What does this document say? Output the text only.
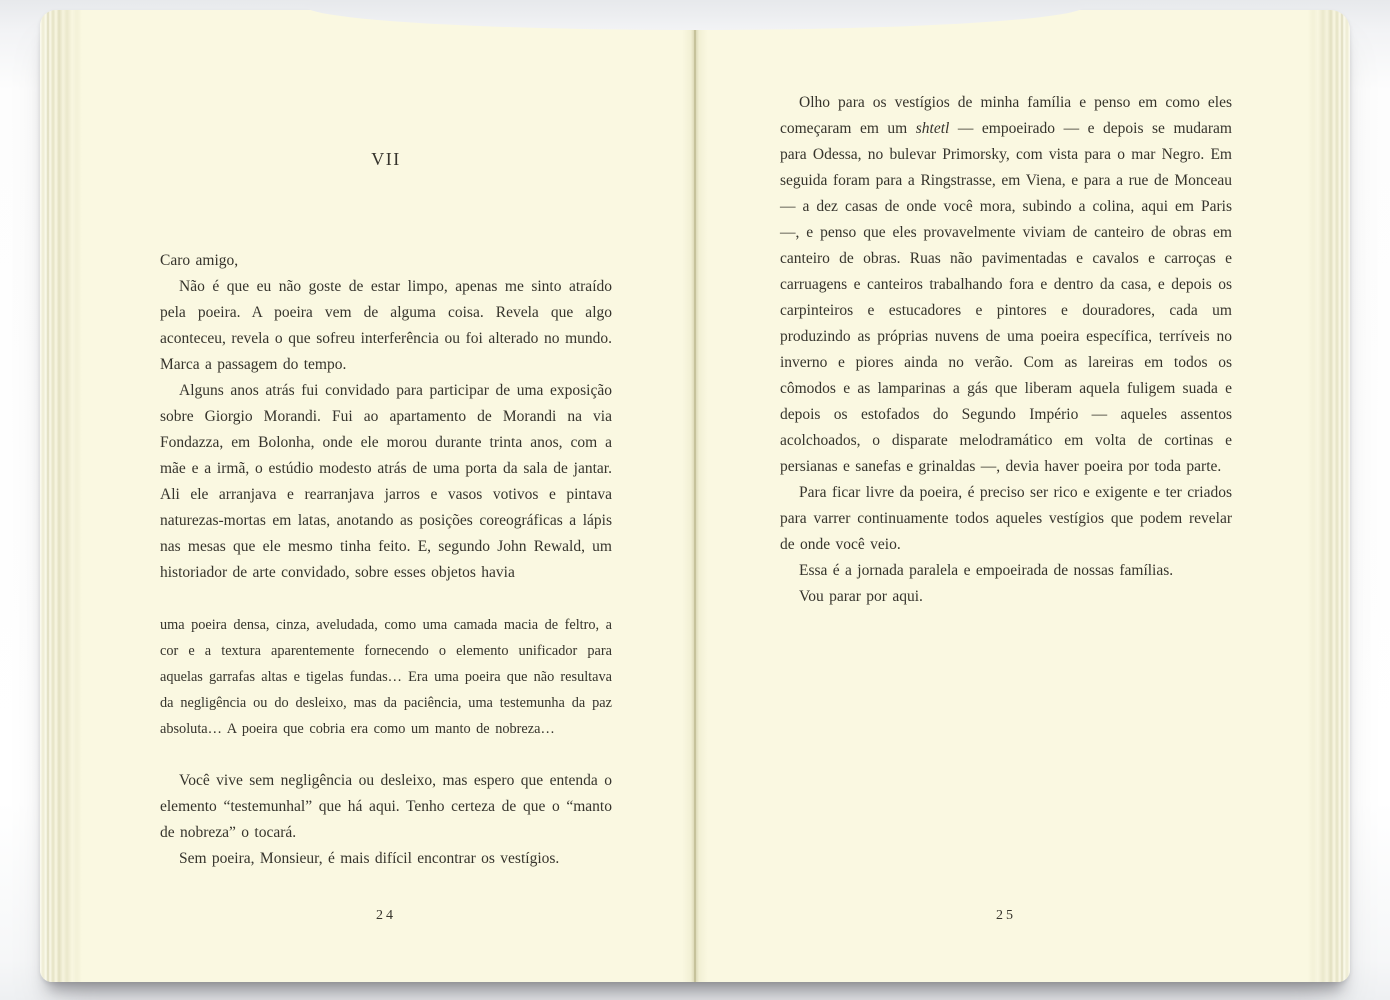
VII

Caro amigo,

Não é que eu não goste de estar limpo, apenas me sinto atraído pela poeira. A poeira vem de alguma coisa. Revela que algo aconteceu, revela o que sofreu interferência ou foi alterado no mundo. Marca a passagem do tempo.

Alguns anos atrás fui convidado para participar de uma exposição sobre Giorgio Morandi. Fui ao apartamento de Morandi na via Fondazza, em Bolonha, onde ele morou durante trinta anos, com a mãe e a irmã, o estúdio modesto atrás de uma porta da sala de jantar. Ali ele arranjava e rearranjava jarros e vasos votivos e pintava naturezas-mortas em latas, anotando as posições coreográficas a lápis nas mesas que ele mesmo tinha feito. E, segundo John Rewald, um historiador de arte convidado, sobre esses objetos havia

uma poeira densa, cinza, aveludada, como uma camada macia de feltro, a cor e a textura aparentemente fornecendo o elemento unificador para aquelas garrafas altas e tigelas fundas… Era uma poeira que não resultava da negligência ou do desleixo, mas da paciência, uma testemunha da paz absoluta… A poeira que cobria era como um manto de nobreza…

Você vive sem negligência ou desleixo, mas espero que entenda o elemento “testemunhal” que há aqui. Tenho certeza de que o “manto de nobreza” o tocará.

Sem poeira, Monsieur, é mais difícil encontrar os vestígios.

Olho para os vestígios de minha família e penso em como eles começaram em um shtetl — empoeirado — e depois se mudaram para Odessa, no bulevar Primorsky, com vista para o mar Negro. Em seguida foram para a Ringstrasse, em Viena, e para a rue de Monceau — a dez casas de onde você mora, subindo a colina, aqui em Paris —, e penso que eles provavelmente viviam de canteiro de obras em canteiro de obras. Ruas não pavimentadas e cavalos e carroças e carruagens e canteiros trabalhando fora e dentro da casa, e depois os carpinteiros e estucadores e pintores e douradores, cada um produzindo as próprias nuvens de uma poeira específica, terríveis no inverno e piores ainda no verão. Com as lareiras em todos os cômodos e as lamparinas a gás que liberam aquela fuligem suada e depois os estofados do Segundo Império — aqueles assentos acolchoados, o disparate melodramático em volta de cortinas e persianas e sanefas e grinaldas —, devia haver poeira por toda parte.

Para ficar livre da poeira, é preciso ser rico e exigente e ter criados para varrer continuamente todos aqueles vestígios que podem revelar de onde você veio.

Essa é a jornada paralela e empoeirada de nossas famílias.

Vou parar por aqui.

24	25
